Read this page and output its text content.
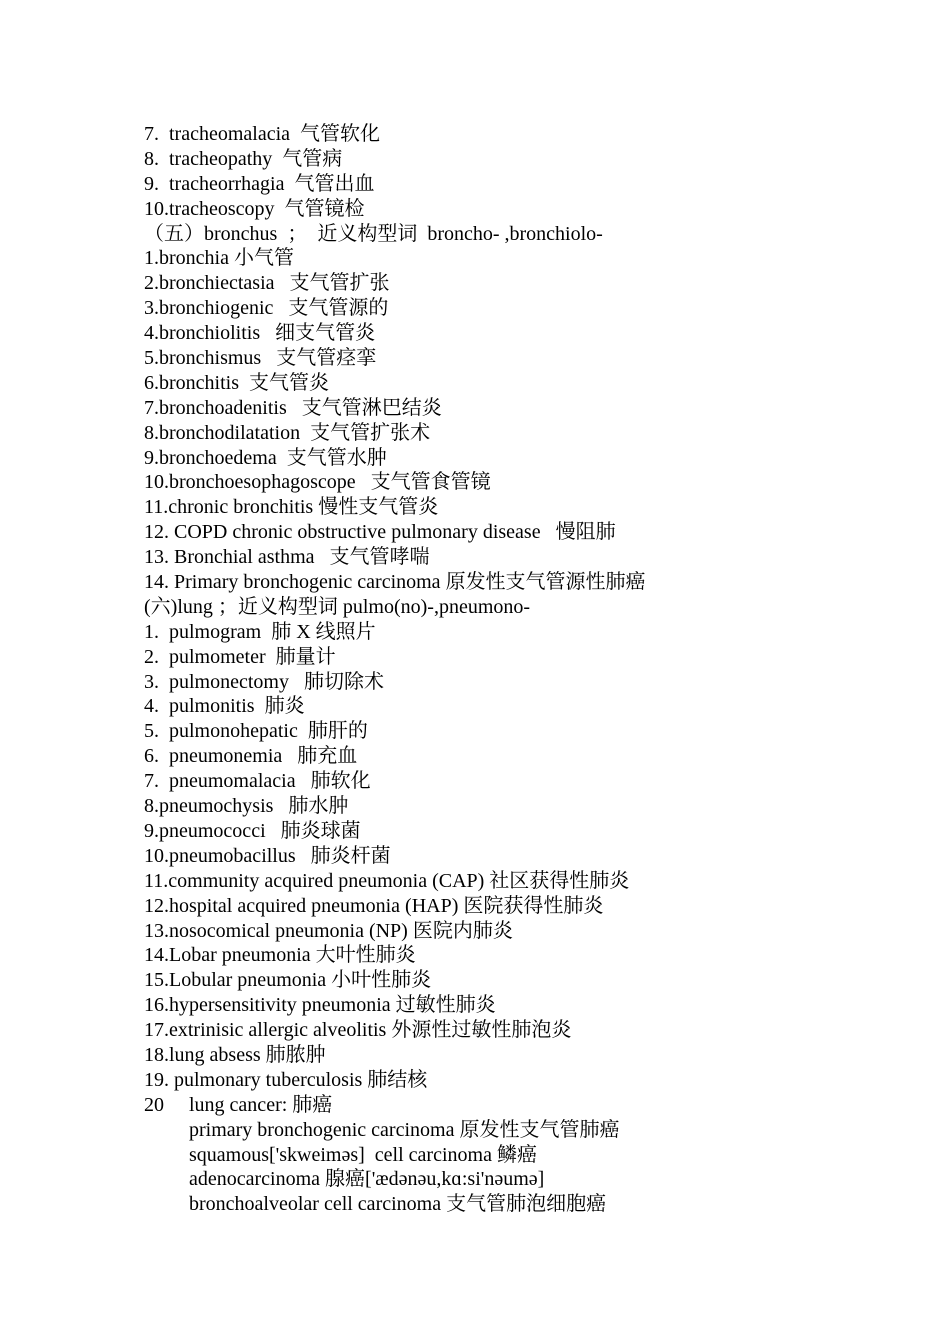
7.  tracheomalacia  气管软化
8.  tracheopathy  气管病
9.  tracheorrhagia  气管出血
10.tracheoscopy  气管镜检
（五）bronchus  ；  近义构型词  broncho- ,bronchiolo-
1.bronchia 小气管
2.bronchiectasia   支气管扩张
3.bronchiogenic   支气管源的
4.bronchiolitis   细支气管炎
5.bronchismus   支气管痉挛
6.bronchitis  支气管炎
7.bronchoadenitis   支气管淋巴结炎
8.bronchodilatation  支气管扩张术
9.bronchoedema  支气管水肿
10.bronchoesophagoscope   支气管食管镜
11.chronic bronchitis 慢性支气管炎
12. COPD chronic obstructive pulmonary disease   慢阻肺
13. Bronchial asthma   支气管哮喘
14. Primary bronchogenic carcinoma 原发性支气管源性肺癌
(六)lung ；近义构型词 pulmo(no)-,pneumono-
1.  pulmogram  肺 X 线照片
2.  pulmometer  肺量计
3.  pulmonectomy   肺切除术
4.  pulmonitis  肺炎
5.  pulmonohepatic  肺肝的
6.  pneumonemia   肺充血
7.  pneumomalacia   肺软化
8.pneumochysis   肺水肿
9.pneumococci   肺炎球菌
10.pneumobacillus   肺炎杆菌
11.community acquired pneumonia (CAP) 社区获得性肺炎
12.hospital acquired pneumonia (HAP) 医院获得性肺炎
13.nosocomical pneumonia (NP) 医院内肺炎
14.Lobar pneumonia 大叶性肺炎
15.Lobular pneumonia 小叶性肺炎
16.hypersensitivity pneumonia 过敏性肺炎
17.extrinisic allergic alveolitis 外源性过敏性肺泡炎
18.lung absess 肺脓肿
19. pulmonary tuberculosis 肺结核
20     lung cancer: 肺癌
primary bronchogenic carcinoma 原发性支气管肺癌
squamous['skweiməs]  cell carcinoma 鳞癌
adenocarcinoma 腺癌['ædənəu,kɑ:si'nəumə]
bronchoalveolar cell carcinoma 支气管肺泡细胞癌
